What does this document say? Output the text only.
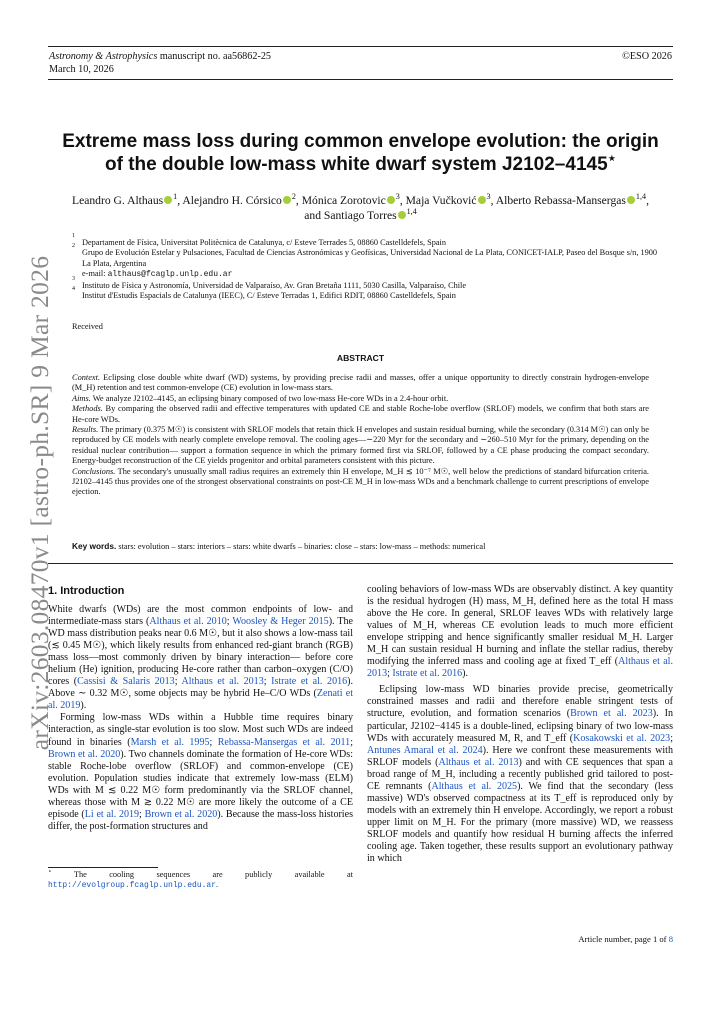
arXiv:2603.08470v1 [astro-ph.SR] 9 Mar 2026
Astronomy & Astrophysics manuscript no. aa56862-25
March 10, 2026
©ESO 2026
Extreme mass loss during common envelope evolution: the origin
of the double low-mass white dwarf system J2102–4145⋆
Leandro G. Althaus $^1$, Alejandro H. Córsico $^2$, Mónica Zorotovic $^3$, Maja Vučković $^3$, Alberto Rebassa-Mansergas $^{1,4}$, and Santiago Torres $^{1,4}$
1
Departament de Física, Universitat Politècnica de Catalunya, c/ Esteve Terrades 5, 08860 Castelldefels, Spain
2
Grupo de Evolución Estelar y Pulsaciones, Facultad de Ciencias Astronómicas y Geofísicas, Universidad Nacional de La Plata, CONICET-IALP, Paseo del Bosque s/n, 1900 La Plata, Argentina
e-mail: althaus@fcaglp.unlp.edu.ar
3
Instituto de Física y Astronomía, Universidad de Valparaíso, Av. Gran Bretaña 1111, 5030 Casilla, Valparaíso, Chile
4
Institut d'Estudis Espacials de Catalunya (IEEC), C/ Esteve Terradas 1, Edifici RDIT, 08860 Castelldefels, Spain
Received
ABSTRACT

Context. Eclipsing close double white dwarf (WD) systems, by providing precise radii and masses, offer a unique opportunity to directly constrain hydrogen-envelope (M_H) retention and test common-envelope (CE) evolution in low-mass stars.

Aims. We analyze J2102–4145, an eclipsing binary composed of two low-mass He-core WDs in a 2.4-hour orbit.

Methods. By comparing the observed radii and effective temperatures with updated CE and stable Roche-lobe overflow (SRLOF) models, we confirm that both stars are He-core WDs.

Results. The primary (0.375 M☉) is consistent with SRLOF models that retain thick H envelopes and sustain residual burning, while the secondary (0.314 M☉) can only be reproduced by CE models with nearly complete envelope removal. The cooling ages—∼220 Myr for the secondary and ∼260–510 Myr for the primary, depending on the residual nuclear contribution— support a formation sequence in which the primary formed first via SRLOF, followed by a CE phase producing the compact secondary. Energy-budget reconstruction of the CE yields progenitor and orbital parameters consistent with this picture.

Conclusions. The secondary's unusually small radius requires an extremely thin H envelope, M_H ≲ 10⁻⁷ M☉, well below the predictions of standard bifurcation criteria. J2102–4145 thus provides one of the strongest observational constraints on post-CE M_H in low-mass WDs and a benchmark challenge to current prescriptions of envelope ejection.

Key words. stars: evolution – stars: interiors – stars: white dwarfs – binaries: close – stars: low-mass – methods: numerical
1. Introduction

White dwarfs (WDs) are the most common endpoints of low- and intermediate-mass stars (Althaus et al. 2010; Woosley & Heger 2015). The WD mass distribution peaks near 0.6 M☉, but it also shows a low-mass tail (≲ 0.45 M☉), which likely results from enhanced red-giant branch (RGB) mass loss—most commonly driven by binary interaction— before core helium (He) ignition, producing He-core rather than carbon–oxygen (C/O) cores (Cassisi & Salaris 2013; Althaus et al. 2013; Istrate et al. 2016). Above ∼ 0.32 M☉, some objects may be hybrid He–C/O WDs (Zenati et al. 2019).

Forming low-mass WDs within a Hubble time requires binary interaction, as single-star evolution is too slow. Most such WDs are indeed found in binaries (Marsh et al. 1995; Rebassa-Mansergas et al. 2011; Brown et al. 2020). Two channels dominate the formation of He-core WDs: stable Roche-lobe overflow (SRLOF) and common-envelope (CE) evolution. Population studies indicate that extremely low-mass (ELM) WDs with M ≲ 0.22 M☉ form predominantly via the SRLOF channel, whereas those with M ≳ 0.22 M☉ are more likely the outcome of a CE episode (Li et al. 2019; Brown et al. 2020). Because the mass-loss histories differ, the post-formation structures and

⋆ The cooling sequences are publicly available at http://evolgroup.fcaglp.unlp.edu.ar.

cooling behaviors of low-mass WDs are observably distinct. A key quantity is the residual hydrogen (H) mass, M_H, defined here as the total H mass above the He core. In general, SRLOF leaves WDs with relatively large values of M_H, whereas CE evolution leads to much more efficient envelope stripping and hence significantly smaller residual M_H. Larger M_H can sustain residual H burning and inflate the stellar radius, thereby modifying the inferred mass and cooling age at fixed T_eff (Althaus et al. 2013; Istrate et al. 2016).

Eclipsing low-mass WD binaries provide precise, geometrically constrained masses and radii and therefore enable stringent tests of structure, evolution, and formation scenarios (Brown et al. 2023). In particular, J2102−4145 is a double-lined, eclipsing binary of two low-mass WDs with accurately measured M, R, and T_eff (Kosakowski et al. 2023; Antunes Amaral et al. 2024). Here we confront these measurements with SRLOF models (Althaus et al. 2013) and with CE sequences that span a broad range of M_H, including a recently published grid tailored to post-CE remnants (Althaus et al. 2025). We find that the secondary (less massive) WD's observed compactness at its T_eff is reproduced only by models with an extremely thin H envelope. Accordingly, we report a robust upper limit on M_H. For the primary (more massive) WD, we reassess SRLOF models and quantify how residual H burning affects the inferred cooling age. Taken together, these results support an evolutionary pathway in which

Article number, page 1 of 8
